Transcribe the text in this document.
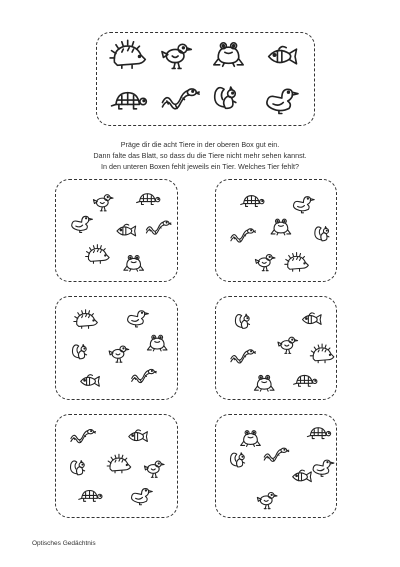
Präge dir die acht Tiere in der oberen Box gut ein.
Dann falte das Blatt, so dass du die Tiere nicht mehr sehen kannst.
In den unteren Boxen fehlt jeweils ein Tier. Welches Tier fehlt?
Optisches Gedächtnis
